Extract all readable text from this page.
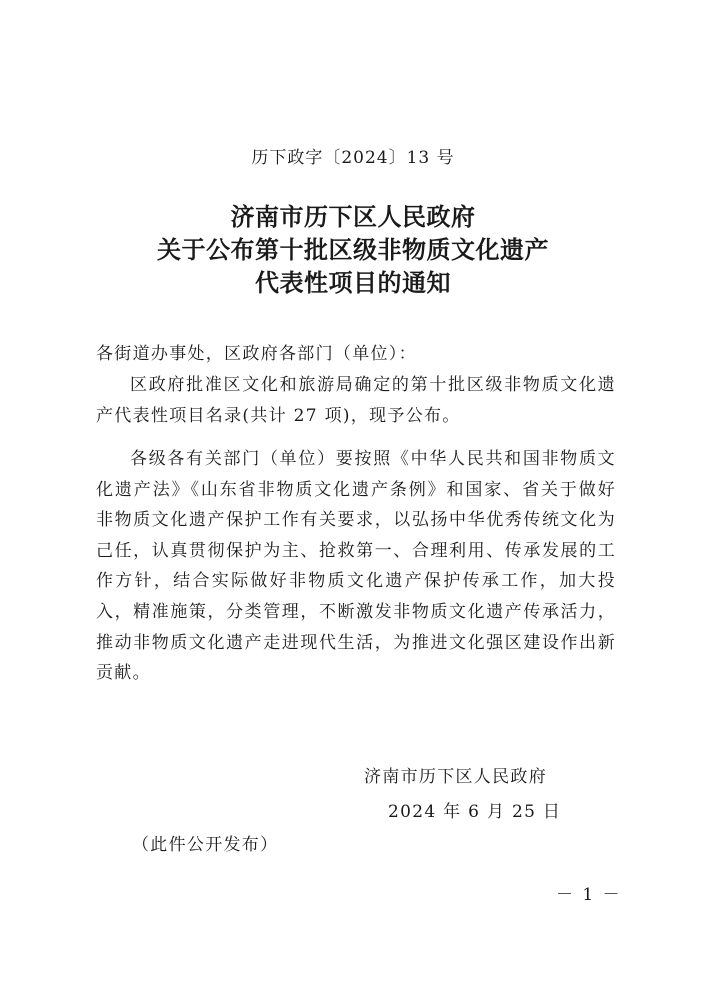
历下政字〔2024〕13 号
济南市历下区人民政府
关于公布第十批区级非物质文化遗产
代表性项目的通知

各街道办事处，区政府各部门（单位）：

区政府批准区文化和旅游局确定的第十批区级非物质文化遗产代表性项目名录(共计 27 项)，现予公布。

各级各有关部门（单位）要按照《中华人民共和国非物质文化遗产法》《山东省非物质文化遗产条例》和国家、省关于做好非物质文化遗产保护工作有关要求，以弘扬中华优秀传统文化为己任，认真贯彻保护为主、抢救第一、合理利用、传承发展的工作方针，结合实际做好非物质文化遗产保护传承工作，加大投入，精准施策，分类管理，不断激发非物质文化遗产传承活力，推动非物质文化遗产走进现代生活，为推进文化强区建设作出新贡献。

济南市历下区人民政府
2024 年 6 月 25 日
（此件公开发布）
－ 1 －
